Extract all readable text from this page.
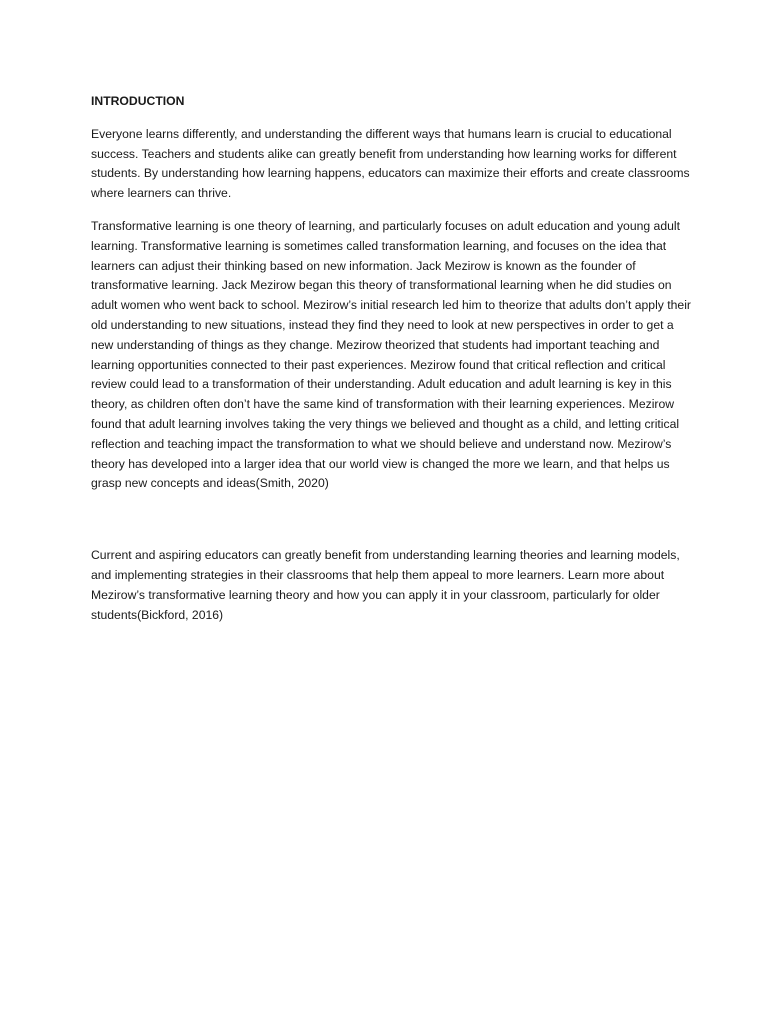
INTRODUCTION

Everyone learns differently, and understanding the different ways that humans learn is crucial to educational success. Teachers and students alike can greatly benefit from understanding how learning works for different students. By understanding how learning happens, educators can maximize their efforts and create classrooms where learners can thrive.

Transformative learning is one theory of learning, and particularly focuses on adult education and young adult learning. Transformative learning is sometimes called transformation learning, and focuses on the idea that learners can adjust their thinking based on new information. Jack Mezirow is known as the founder of transformative learning. Jack Mezirow began this theory of transformational learning when he did studies on adult women who went back to school. Mezirow’s initial research led him to theorize that adults don’t apply their old understanding to new situations, instead they find they need to look at new perspectives in order to get a new understanding of things as they change. Mezirow theorized that students had important teaching and learning opportunities connected to their past experiences. Mezirow found that critical reflection and critical review could lead to a transformation of their understanding. Adult education and adult learning is key in this theory, as children often don’t have the same kind of transformation with their learning experiences. Mezirow found that adult learning involves taking the very things we believed and thought as a child, and letting critical reflection and teaching impact the transformation to what we should believe and understand now. Mezirow’s theory has developed into a larger idea that our world view is changed the more we learn, and that helps us grasp new concepts and ideas(Smith, 2020)

Current and aspiring educators can greatly benefit from understanding learning theories and learning models, and implementing strategies in their classrooms that help them appeal to more learners. Learn more about Mezirow’s transformative learning theory and how you can apply it in your classroom, particularly for older students(Bickford, 2016)
